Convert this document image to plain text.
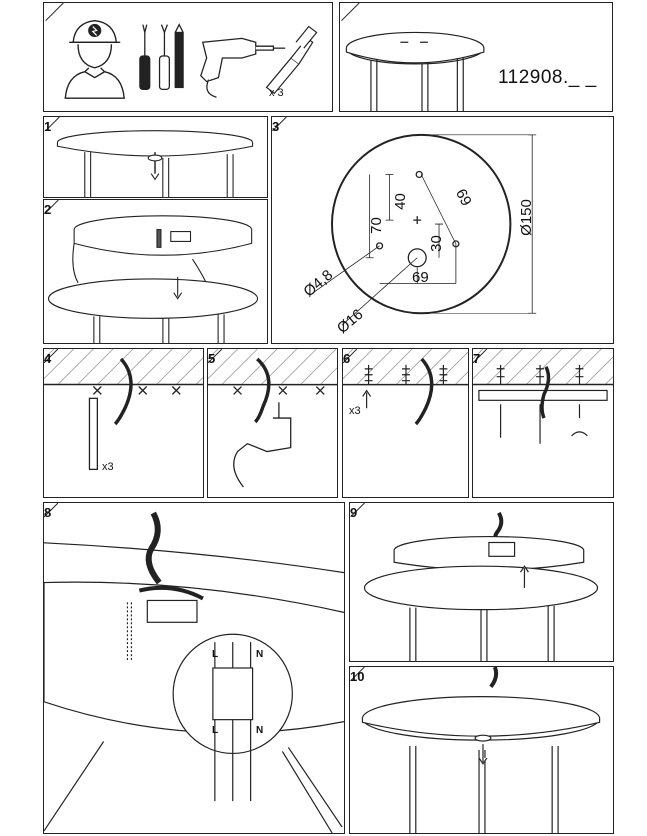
x 3
112908._ _
1
2	40
70
69
30
69
Ø4,8
Ø16
Ø150
3
x3
4	5
x3
6	7
L	N
L	N
8	9
10
